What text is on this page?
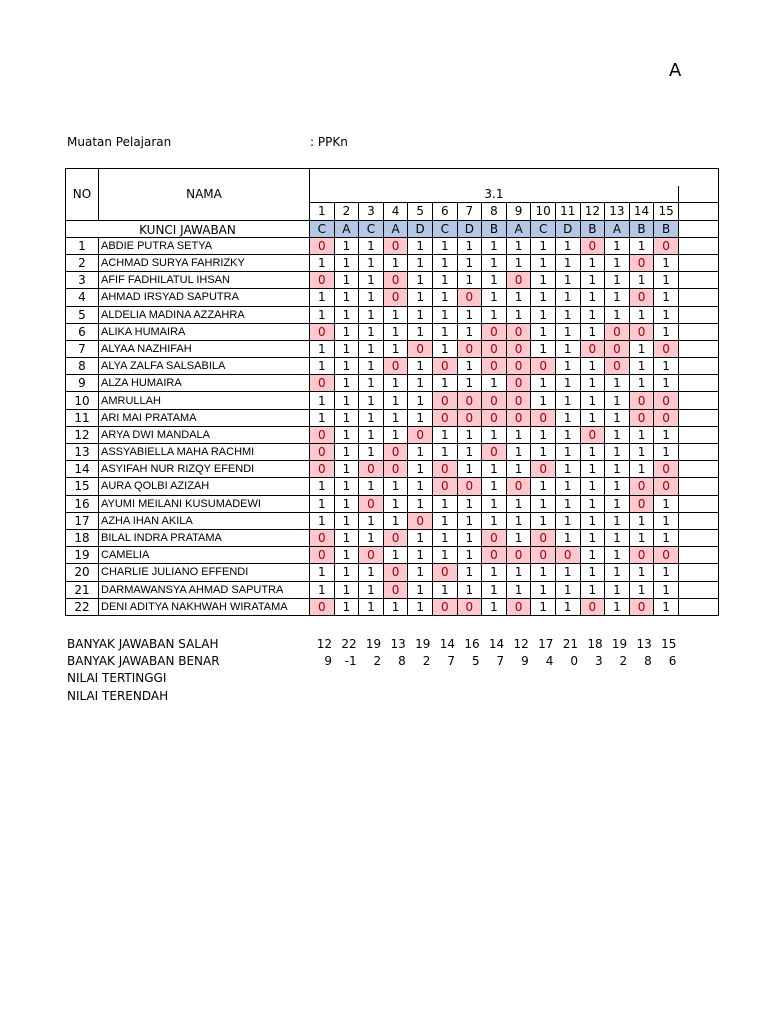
A
Muatan Pelajaran	: PPKn
NO	NAMA																
		3.1															
		1	2	3	4	5	6	7	8	9	10	11	12	13	14	15	
KUNCI JAWABAN		C	A	C	A	D	C	D	B	A	C	D	B	A	B	B	
1	ABDIE PUTRA SETYA	0	1	1	0	1	1	1	1	1	1	1	0	1	1	0	
2	ACHMAD SURYA FAHRIZKY	1	1	1	1	1	1	1	1	1	1	1	1	1	0	1	
3	AFIF FADHILATUL IHSAN	0	1	1	0	1	1	1	1	0	1	1	1	1	1	1	
4	AHMAD IRSYAD SAPUTRA	1	1	1	0	1	1	0	1	1	1	1	1	1	0	1	
5	ALDELIA MADINA AZZAHRA	1	1	1	1	1	1	1	1	1	1	1	1	1	1	1	
6	ALIKA HUMAIRA	0	1	1	1	1	1	1	0	0	1	1	1	0	0	1	
7	ALYAA NAZHIFAH	1	1	1	1	0	1	0	0	0	1	1	0	0	1	0	
8	ALYA ZALFA SALSABILA	1	1	1	0	1	0	1	0	0	0	1	1	0	1	1	
9	ALZA HUMAIRA	0	1	1	1	1	1	1	1	0	1	1	1	1	1	1	
10	AMRULLAH	1	1	1	1	1	0	0	0	0	1	1	1	1	0	0	
11	ARI MAI PRATAMA	1	1	1	1	1	0	0	0	0	0	1	1	1	0	0	
12	ARYA DWI MANDALA	0	1	1	1	0	1	1	1	1	1	1	0	1	1	1	
13	ASSYABIELLA MAHA RACHMI	0	1	1	0	1	1	1	0	1	1	1	1	1	1	1	
14	ASYIFAH NUR RIZQY EFENDI	0	1	0	0	1	0	1	1	1	0	1	1	1	1	0	
15	AURA QOLBI AZIZAH	1	1	1	1	1	0	0	1	0	1	1	1	1	0	0	
16	AYUMI MEILANI KUSUMADEWI	1	1	0	1	1	1	1	1	1	1	1	1	1	0	1	
17	AZHA IHAN AKILA	1	1	1	1	0	1	1	1	1	1	1	1	1	1	1	
18	BILAL INDRA PRATAMA	0	1	1	0	1	1	1	0	1	0	1	1	1	1	1	
19	CAMELIA	0	1	0	1	1	1	1	0	0	0	0	1	1	0	0	
20	CHARLIE JULIANO EFFENDI	1	1	1	0	1	0	1	1	1	1	1	1	1	1	1	
21	DARMAWANSYA AHMAD SAPUTRA	1	1	1	0	1	1	1	1	1	1	1	1	1	1	1	
22	DENI ADITYA NAKHWAH WIRATAMA	0	1	1	1	1	0	0	1	0	1	1	0	1	0	1	
BANYAK JAWABAN SALAH	12 22 19 13 19 14 16 14 12 17 21 18 19 13 15
BANYAK JAWABAN BENAR	9	-1	2	8	2	7	5	7	9	4	0	3	2	8	6
NILAI TERTINGGI
NILAI TERENDAH
